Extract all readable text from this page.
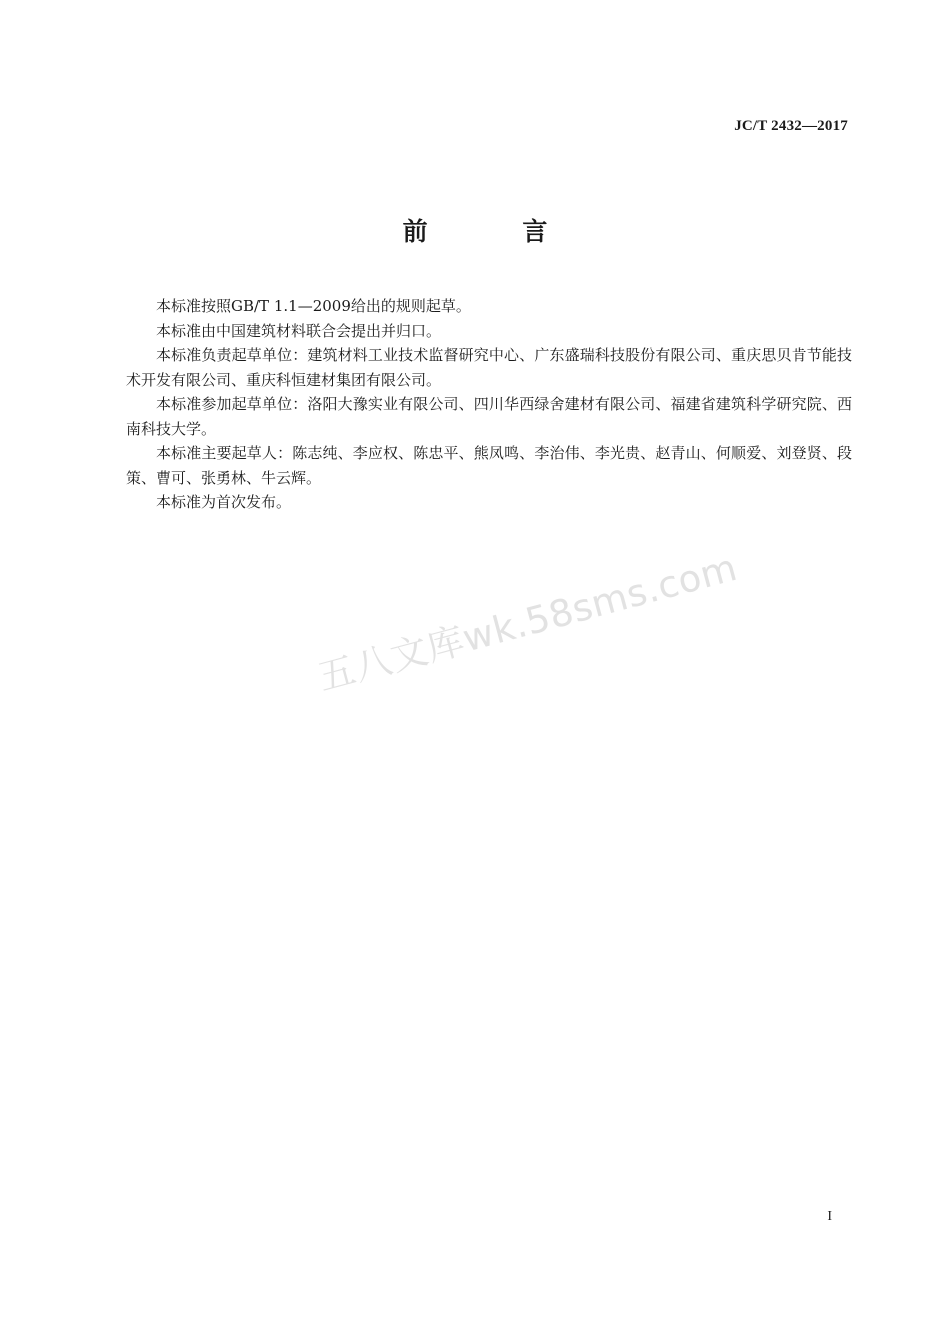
JC/T 2432—2017
前 言

本标准按照GB/T 1.1—2009给出的规则起草。

本标准由中国建筑材料联合会提出并归口。

本标准负责起草单位：建筑材料工业技术监督研究中心、广东盛瑞科技股份有限公司、重庆思贝肯节能技术开发有限公司、重庆科恒建材集团有限公司。

本标准参加起草单位：洛阳大豫实业有限公司、四川华西绿舍建材有限公司、福建省建筑科学研究院、西南科技大学。

本标准主要起草人：陈志纯、李应权、陈忠平、熊凤鸣、李治伟、李光贵、赵青山、何顺爱、刘登贤、段策、曹可、张勇林、牛云辉。

本标准为首次发布。

五八文库wk.58sms.com
I
